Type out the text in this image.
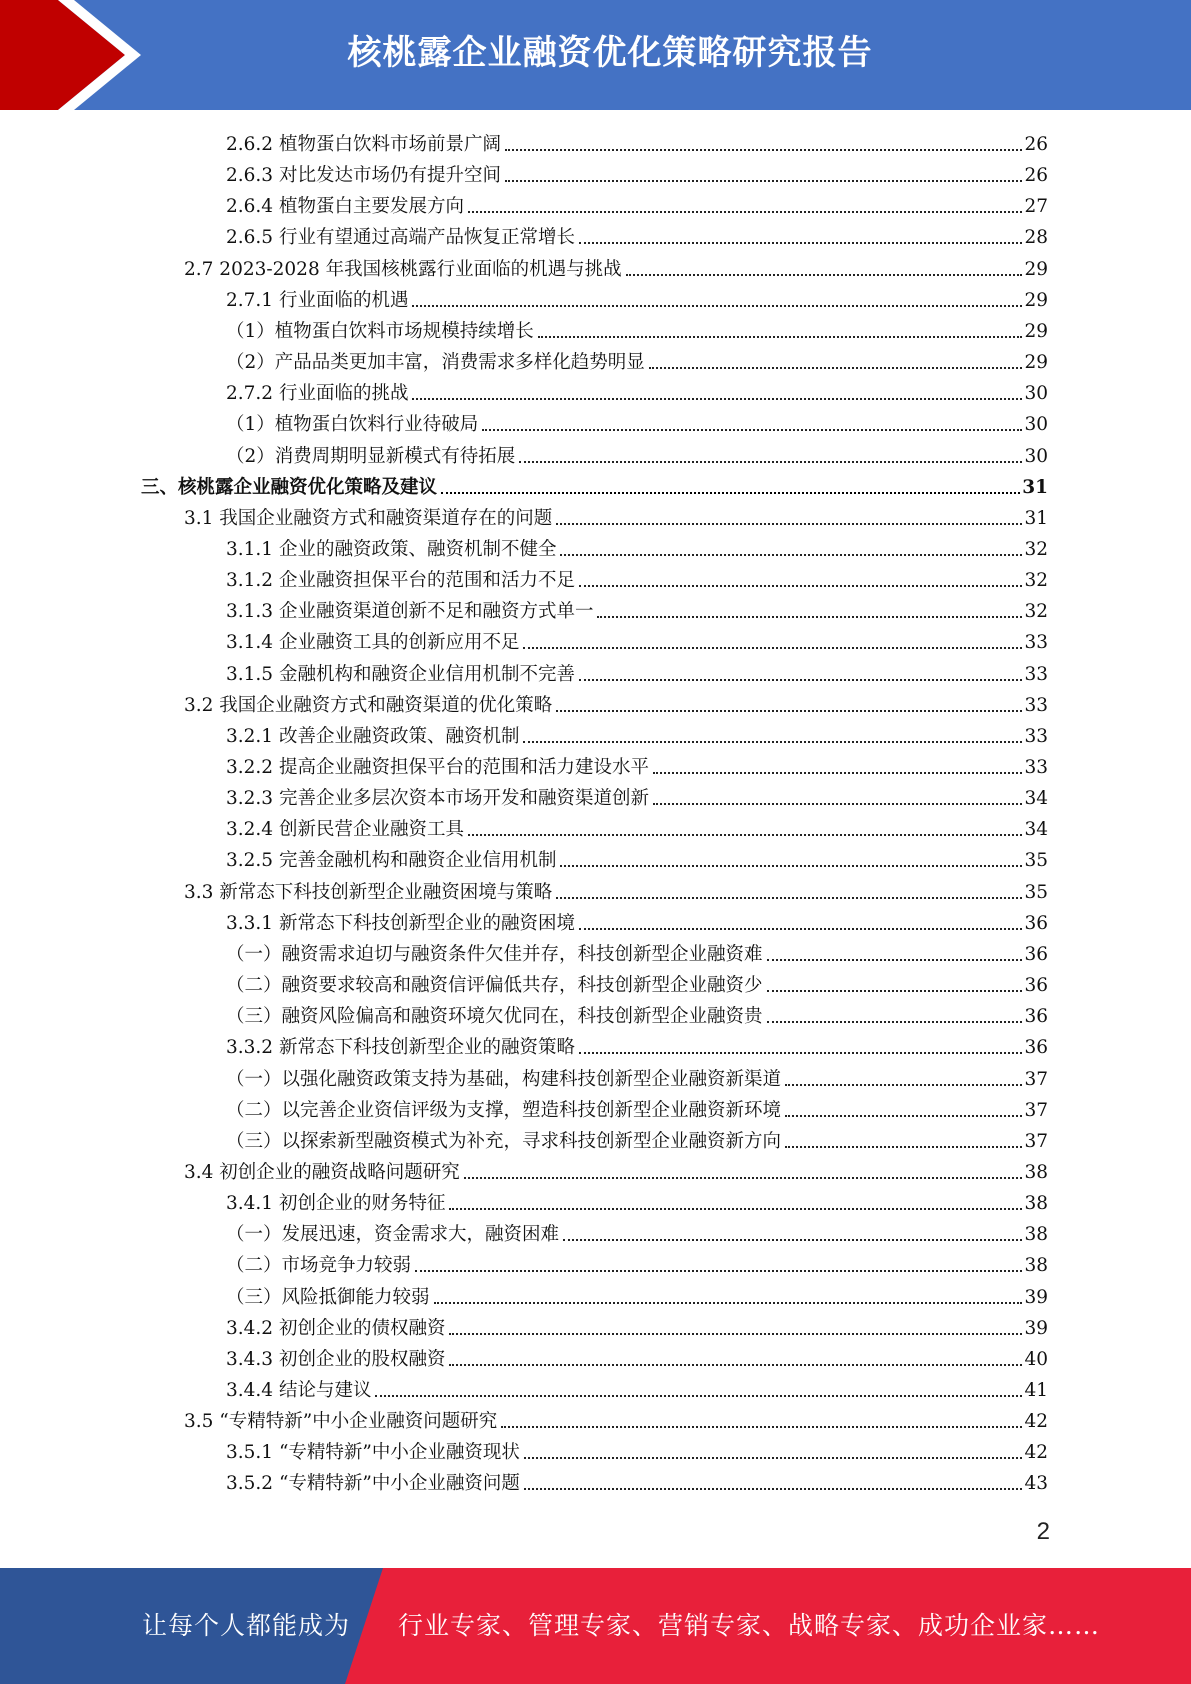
核桃露企业融资优化策略研究报告
2.6.2 植物蛋白饮料市场前景广阔	26
2.6.3 对比发达市场仍有提升空间	26
2.6.4 植物蛋白主要发展方向	27
2.6.5 行业有望通过高端产品恢复正常增长	28
2.7 2023-2028 年我国核桃露行业面临的机遇与挑战	29
2.7.1 行业面临的机遇	29
（1）植物蛋白饮料市场规模持续增长	29
（2）产品品类更加丰富，消费需求多样化趋势明显	29
2.7.2 行业面临的挑战	30
（1）植物蛋白饮料行业待破局	30
（2）消费周期明显新模式有待拓展	30
三、核桃露企业融资优化策略及建议	31
3.1 我国企业融资方式和融资渠道存在的问题	31
3.1.1 企业的融资政策、融资机制不健全	32
3.1.2 企业融资担保平台的范围和活力不足	32
3.1.3 企业融资渠道创新不足和融资方式单一	32
3.1.4 企业融资工具的创新应用不足	33
3.1.5 金融机构和融资企业信用机制不完善	33
3.2 我国企业融资方式和融资渠道的优化策略	33
3.2.1 改善企业融资政策、融资机制	33
3.2.2 提高企业融资担保平台的范围和活力建设水平	33
3.2.3 完善企业多层次资本市场开发和融资渠道创新	34
3.2.4 创新民营企业融资工具	34
3.2.5 完善金融机构和融资企业信用机制	35
3.3 新常态下科技创新型企业融资困境与策略	35
3.3.1 新常态下科技创新型企业的融资困境	36
（一）融资需求迫切与融资条件欠佳并存，科技创新型企业融资难	36
（二）融资要求较高和融资信评偏低共存，科技创新型企业融资少	36
（三）融资风险偏高和融资环境欠优同在，科技创新型企业融资贵	36
3.3.2 新常态下科技创新型企业的融资策略	36
（一）以强化融资政策支持为基础，构建科技创新型企业融资新渠道	37
（二）以完善企业资信评级为支撑，塑造科技创新型企业融资新环境	37
（三）以探索新型融资模式为补充，寻求科技创新型企业融资新方向	37
3.4 初创企业的融资战略问题研究	38
3.4.1 初创企业的财务特征	38
（一）发展迅速，资金需求大，融资困难	38
（二）市场竞争力较弱	38
（三）风险抵御能力较弱	39
3.4.2 初创企业的债权融资	39
3.4.3 初创企业的股权融资	40
3.4.4 结论与建议	41
3.5 “专精特新”中小企业融资问题研究	42
3.5.1 “专精特新”中小企业融资现状	42
3.5.2 “专精特新”中小企业融资问题	43
2
让每个人都能成为 行业专家、管理专家、营销专家、战略专家、成功企业家……
